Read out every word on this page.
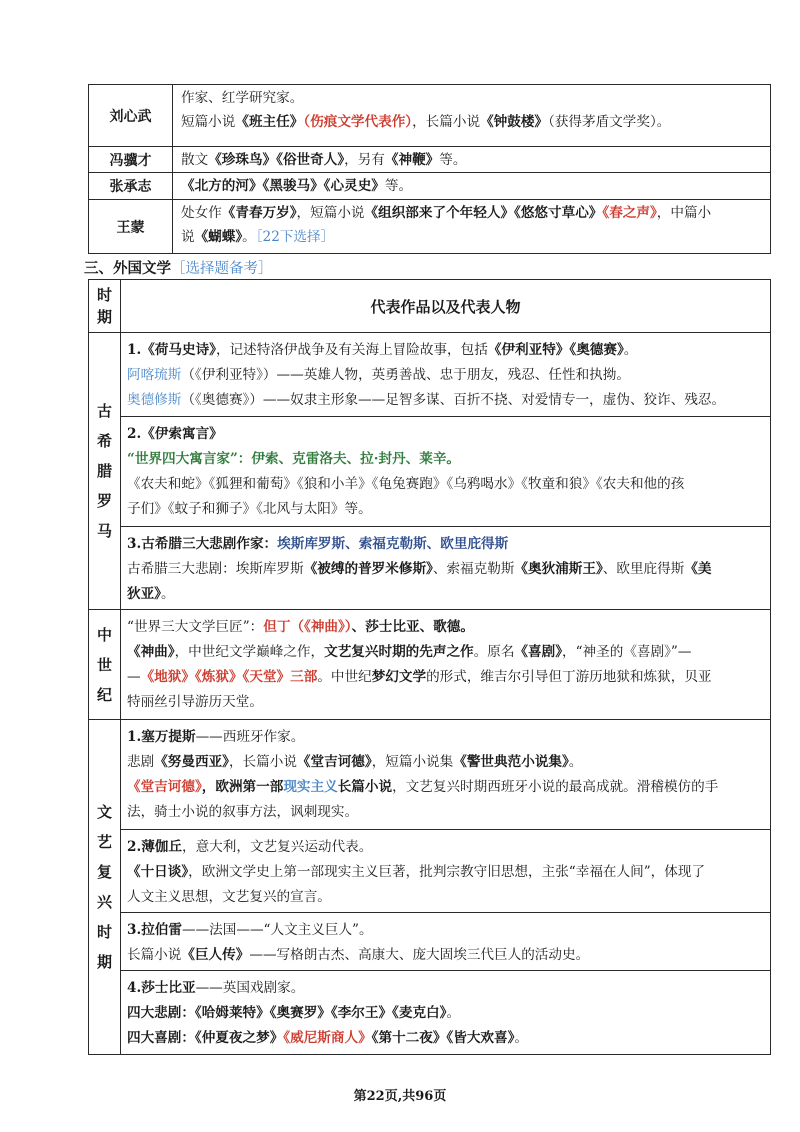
刘心武	作家、红学研究家。

短篇小说《班主任》（伤痕文学代表作），长篇小说《钟鼓楼》（获得茅盾文学奖）。

冯骥才	散文《珍珠鸟》《俗世奇人》，另有《神鞭》等。

张承志	《北方的河》《黑骏马》《心灵史》等。

王蒙	处女作《青春万岁》，短篇小说《组织部来了个年轻人》《悠悠寸草心》《春之声》，中篇小

说《蝴蝶》。［22下选择］

三、外国文学［选择题备考］
时期	代表作品以及代表人物

古希腊罗马	1.《荷马史诗》，记述特洛伊战争及有关海上冒险故事，包括《伊利亚特》《奥德赛》。

阿喀琉斯（《伊利亚特》）——英雄人物，英勇善战、忠于朋友，残忍、任性和执拗。

奥德修斯（《奥德赛》）——奴隶主形象——足智多谋、百折不挠、对爱情专一，虚伪、狡诈、残忍。

	2.《伊索寓言》

“世界四大寓言家”：伊索、克雷洛夫、拉·封丹、莱辛。

《农夫和蛇》《狐狸和葡萄》《狼和小羊》《龟兔赛跑》《乌鸦喝水》《牧童和狼》《农夫和他的孩

子们》《蚊子和狮子》《北风与太阳》等。

	3.古希腊三大悲剧作家：埃斯库罗斯、索福克勒斯、欧里庇得斯

古希腊三大悲剧：埃斯库罗斯《被缚的普罗米修斯》、索福克勒斯《奥狄浦斯王》、欧里庇得斯《美

狄亚》。

中世纪	“世界三大文学巨匠”：但丁（《神曲》）、莎士比亚、歌德。

《神曲》，中世纪文学巅峰之作，文艺复兴时期的先声之作。原名《喜剧》，“神圣的《喜剧》”—

—《地狱》《炼狱》《天堂》三部。中世纪梦幻文学的形式，维吉尔引导但丁游历地狱和炼狱，贝亚

特丽丝引导游历天堂。

文艺复兴时期	1.塞万提斯——西班牙作家。

悲剧《努曼西亚》，长篇小说《堂吉诃德》，短篇小说集《警世典范小说集》。

《堂吉诃德》，欧洲第一部现实主义长篇小说，文艺复兴时期西班牙小说的最高成就。滑稽模仿的手

法，骑士小说的叙事方法，讽刺现实。

	2.薄伽丘，意大利，文艺复兴运动代表。

《十日谈》，欧洲文学史上第一部现实主义巨著，批判宗教守旧思想，主张“幸福在人间”，体现了

人文主义思想，文艺复兴的宣言。

	3.拉伯雷——法国——“人文主义巨人”。

长篇小说《巨人传》——写格朗古杰、高康大、庞大固埃三代巨人的活动史。

	4.莎士比亚——英国戏剧家。

四大悲剧：《哈姆莱特》《奥赛罗》《李尔王》《麦克白》。

四大喜剧：《仲夏夜之梦》《威尼斯商人》《第十二夜》《皆大欢喜》。

第22页,共96页
